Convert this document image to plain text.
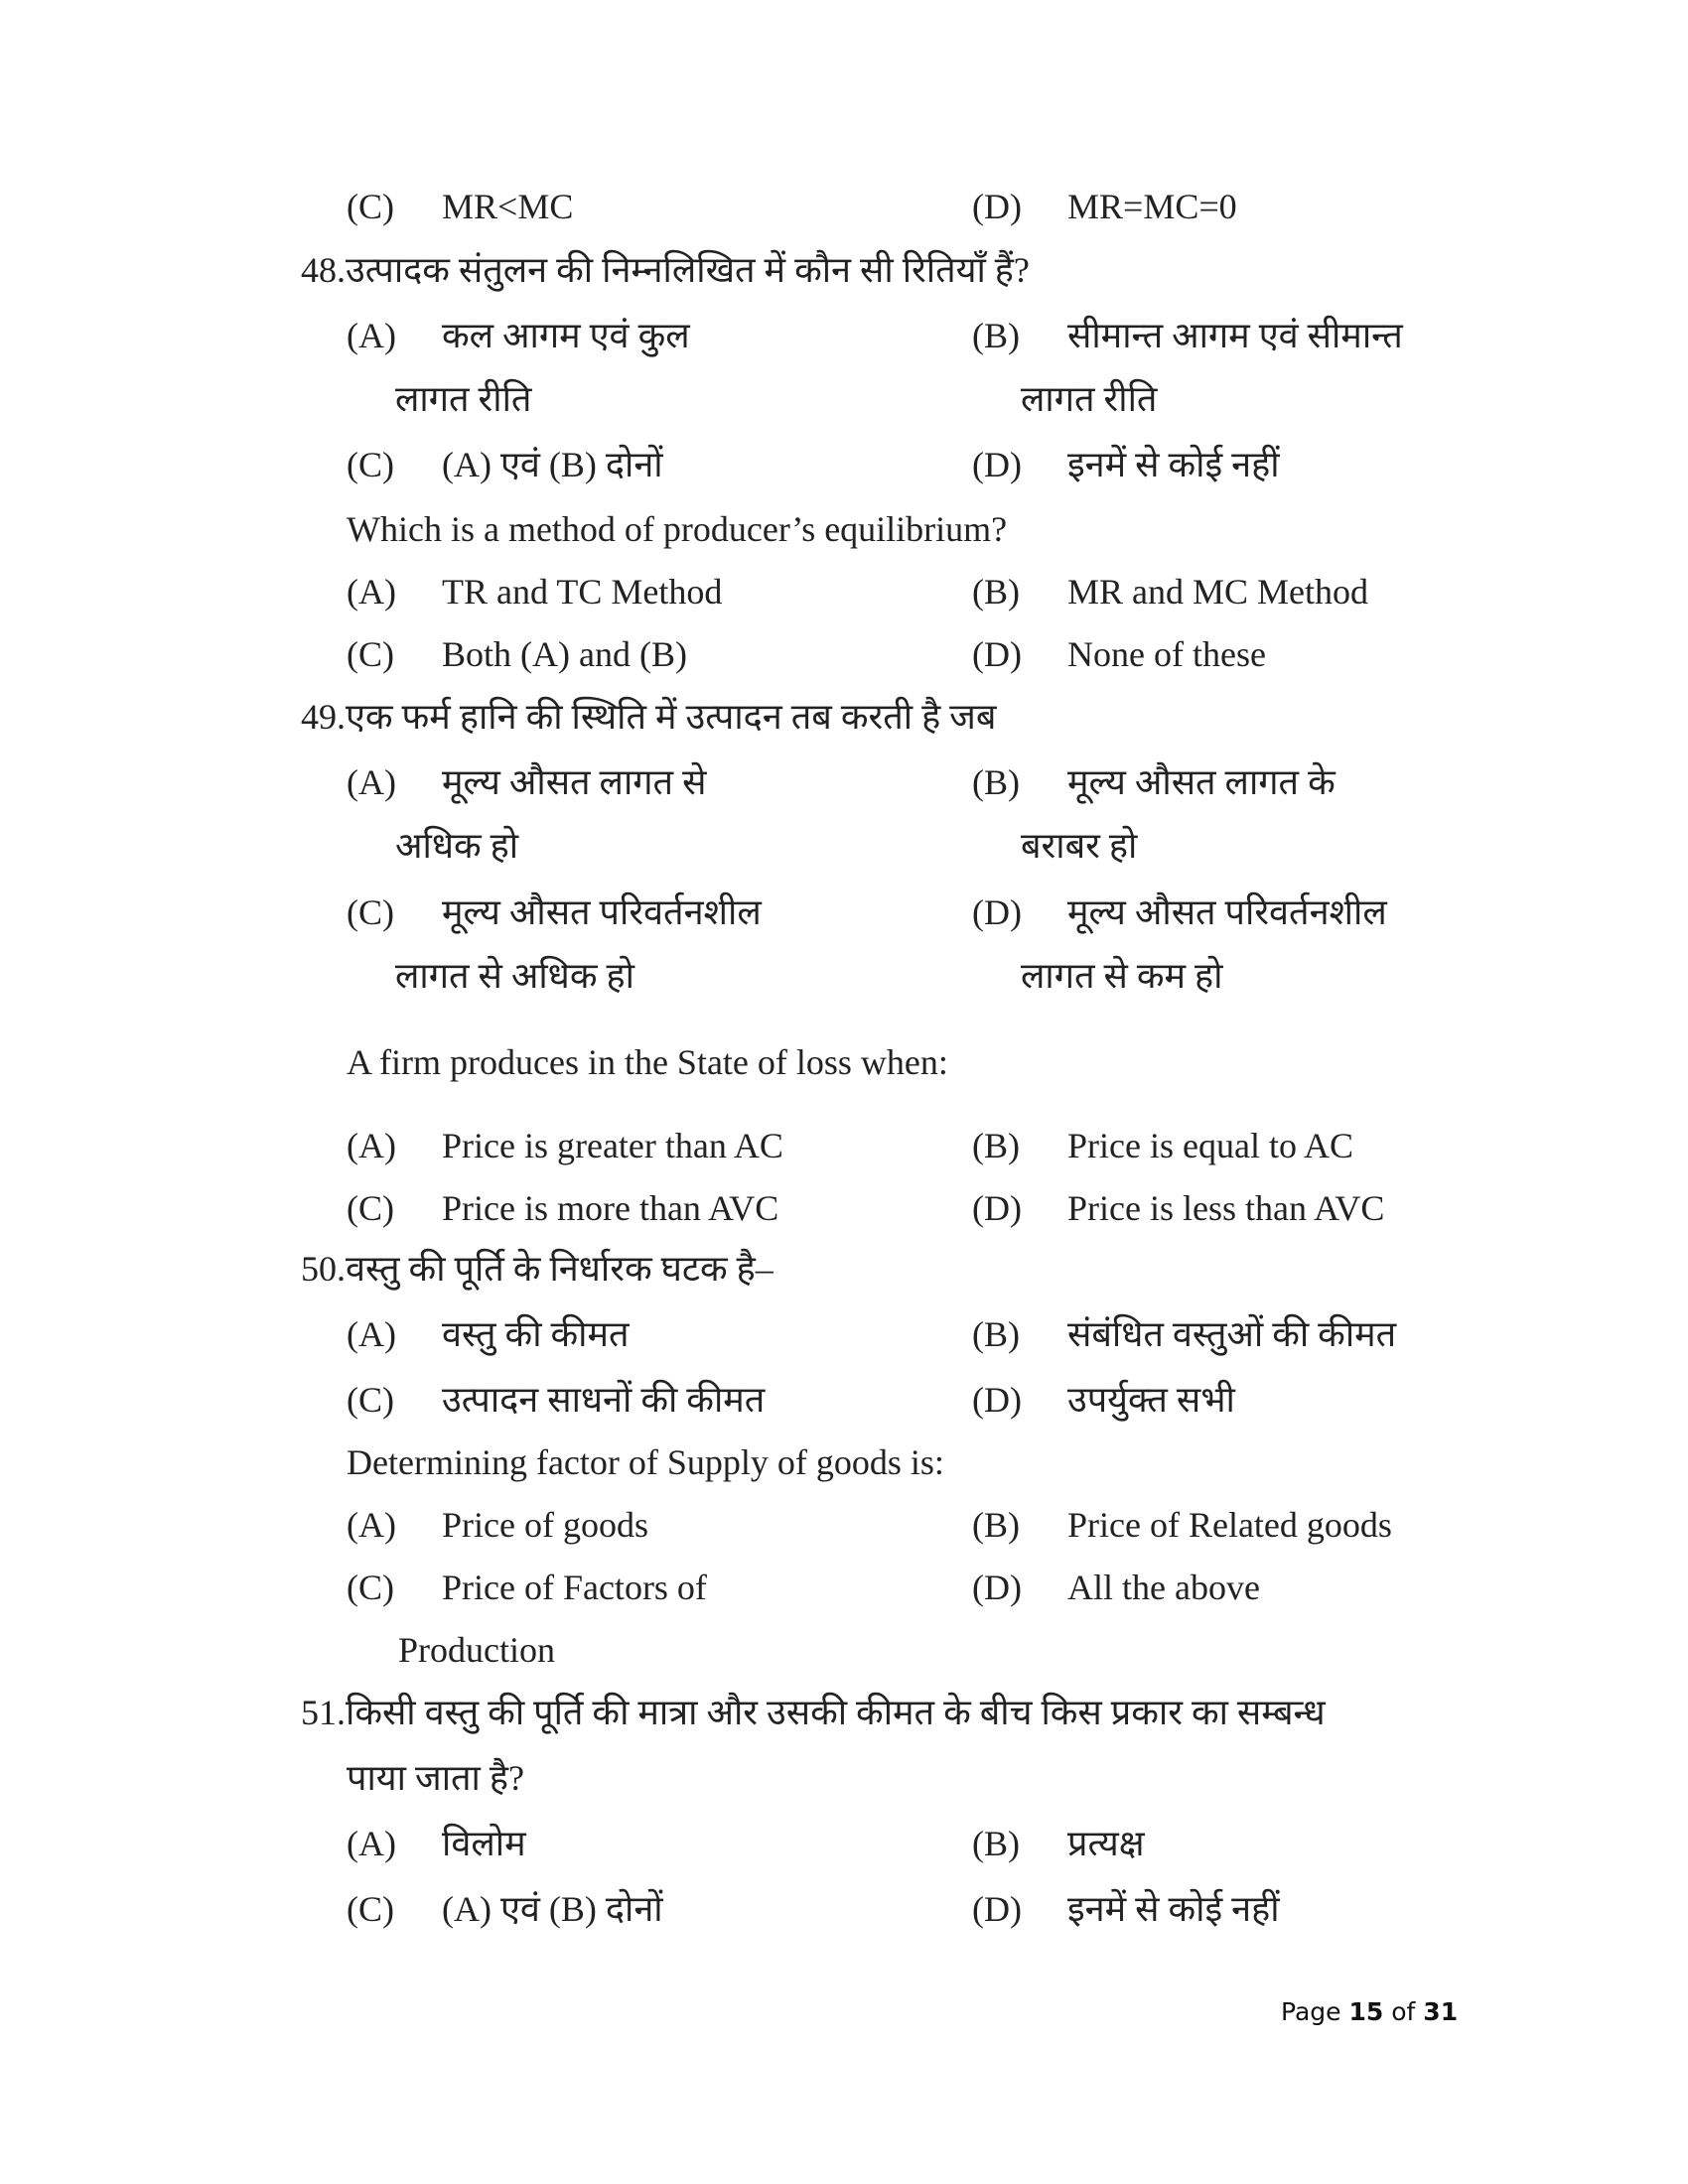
(C) MR<MC	(D) MR=MC=0
48.उत्पादक संतुलन की निम्नलिखित में कौन सी रितियाँ हैं?
(A) कल आगम एवं कुल	(B) सीमान्त आगम एवं सीमान्त
लागत रीति	लागत रीति
(C) (A) एवं (B) दोनों	(D) इनमें से कोई नहीं
Which is a method of producer’s equilibrium?
(A) TR and TC Method	(B) MR and MC Method
(C) Both (A) and (B)	(D) None of these
49.एक फर्म हानि की स्थिति में उत्पादन तब करती है जब
(A) मूल्य औसत लागत से	(B) मूल्य औसत लागत के
अधिक हो	बराबर हो
(C) मूल्य औसत परिवर्तनशील	(D) मूल्य औसत परिवर्तनशील
लागत से अधिक हो	लागत से कम हो
A firm produces in the State of loss when:
(A) Price is greater than AC	(B) Price is equal to AC
(C) Price is more than AVC	(D) Price is less than AVC
50.वस्तु की पूर्ति के निर्धारक घटक है–
(A) वस्तु की कीमत	(B) संबंधित वस्तुओं की कीमत
(C) उत्पादन साधनों की कीमत	(D) उपर्युक्त सभी
Determining factor of Supply of goods is:
(A) Price of goods	(B) Price of Related goods
(C) Price of Factors of	(D) All the above
Production
51.किसी वस्तु की पूर्ति की मात्रा और उसकी कीमत के बीच किस प्रकार का सम्बन्ध
पाया जाता है?
(A) विलोम	(B) प्रत्यक्ष
(C) (A) एवं (B) दोनों	(D) इनमें से कोई नहीं
Page 15 of 31
